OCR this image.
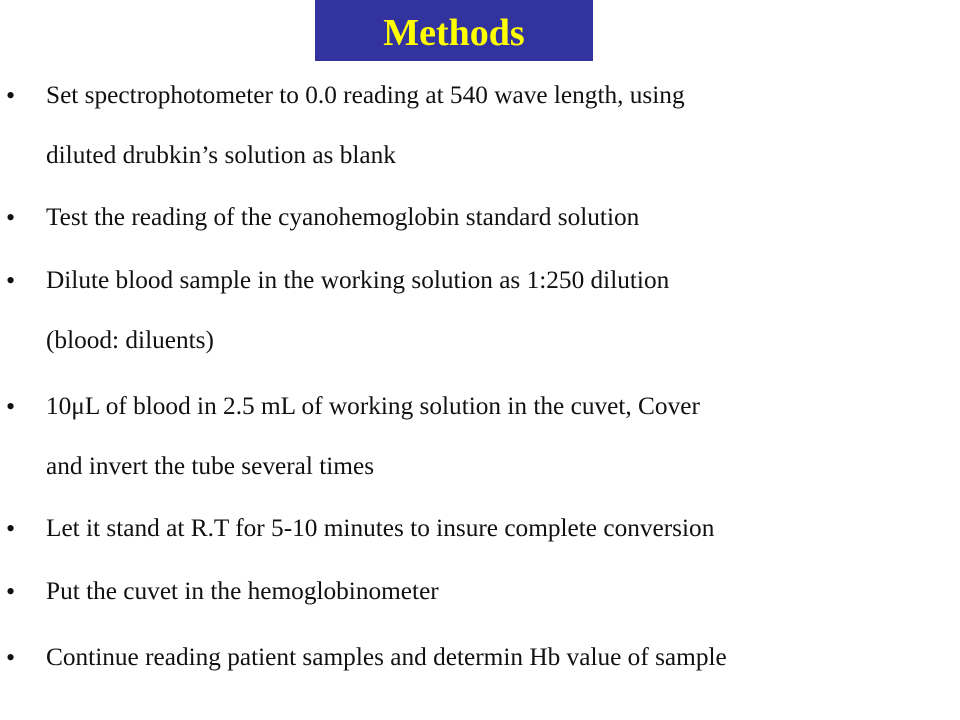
Methods
• Set spectrophotometer to 0.0 reading at 540 wave length, using
diluted drubkin’s solution as blank
• Test the reading of the cyanohemoglobin standard solution
• Dilute blood sample in the working solution as 1:250 dilution
(blood: diluents)
• 10μL of blood in 2.5 mL of working solution in the cuvet, Cover
and invert the tube several times
• Let it stand at R.T for 5-10 minutes to insure complete conversion
• Put the cuvet in the hemoglobinometer
• Continue reading patient samples and determin Hb value of sample
